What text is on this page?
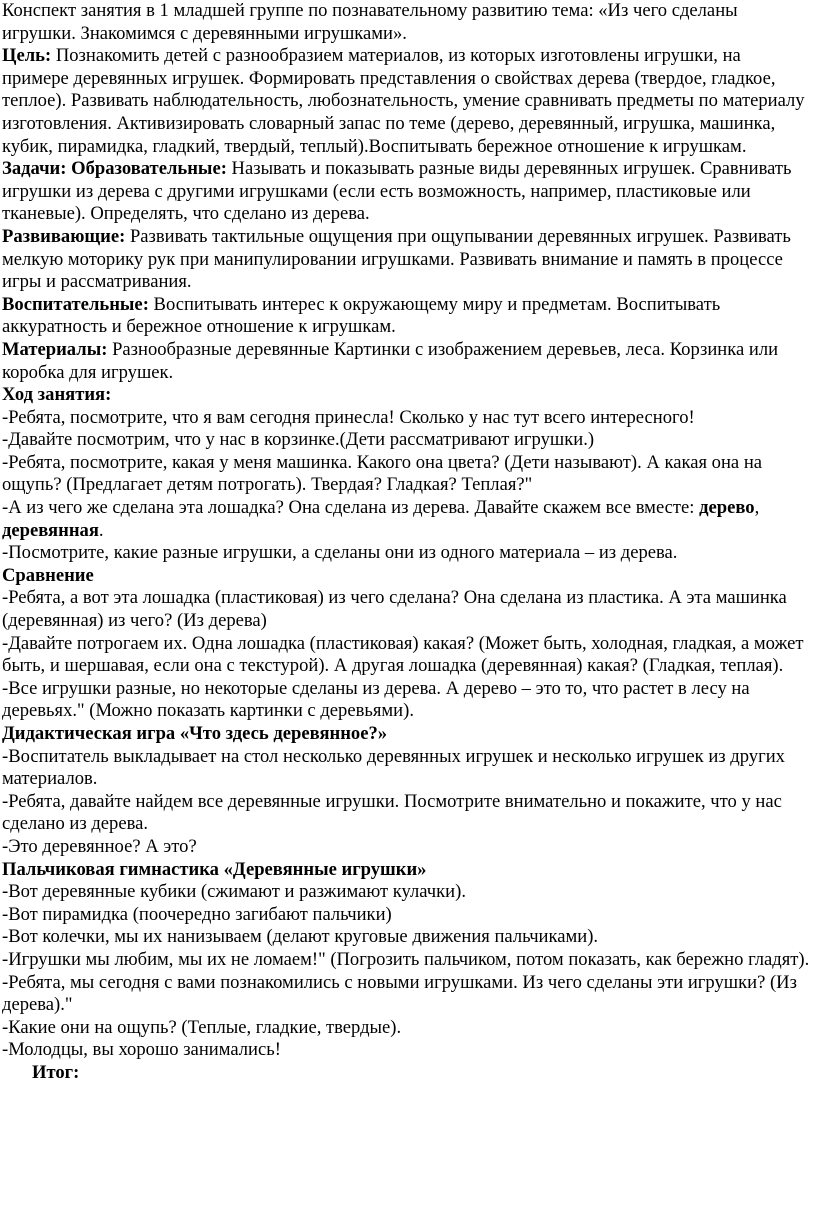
Конспект занятия в 1 младшей группе по познавательному развитию тема: «Из чего сделаны игрушки. Знакомимся с деревянными игрушками».

Цель: Познакомить детей с разнообразием материалов, из которых изготовлены игрушки, на примере деревянных игрушек. Формировать представления о свойствах дерева (твердое, гладкое, теплое). Развивать наблюдательность, любознательность, умение сравнивать предметы по материалу изготовления. Активизировать словарный запас по теме (дерево, деревянный, игрушка, машинка, кубик, пирамидка, гладкий, твердый, теплый).Воспитывать бережное отношение к игрушкам.

Задачи: Образовательные: Называть и показывать разные виды деревянных игрушек. Сравнивать игрушки из дерева с другими игрушками (если есть возможность, например, пластиковые или тканевые). Определять, что сделано из дерева.

Развивающие: Развивать тактильные ощущения при ощупывании деревянных игрушек. Развивать мелкую моторику рук при манипулировании игрушками. Развивать внимание и память в процессе игры и рассматривания.

Воспитательные: Воспитывать интерес к окружающему миру и предметам. Воспитывать аккуратность и бережное отношение к игрушкам.

Материалы: Разнообразные деревянные Картинки с изображением деревьев, леса. Корзинка или коробка для игрушек.

Ход занятия:

-Ребята, посмотрите, что я вам сегодня принесла! Сколько у нас тут всего интересного!

-Давайте посмотрим, что у нас в корзинке.(Дети рассматривают игрушки.)

-Ребята, посмотрите, какая у меня машинка. Какого она цвета? (Дети называют). А какая она на ощупь? (Предлагает детям потрогать). Твердая? Гладкая? Теплая?"

-А из чего же сделана эта лошадка? Она сделана из дерева. Давайте скажем все вместе: дерево, деревянная.

-Посмотрите, какие разные игрушки, а сделаны они из одного материала – из дерева.

Сравнение

-Ребята, а вот эта лошадка (пластиковая) из чего сделана? Она сделана из пластика. А эта машинка (деревянная) из чего? (Из дерева)

-Давайте потрогаем их. Одна лошадка (пластиковая) какая? (Может быть, холодная, гладкая, а может быть, и шершавая, если она с текстурой). А другая лошадка (деревянная) какая? (Гладкая, теплая).

-Все игрушки разные, но некоторые сделаны из дерева. А дерево – это то, что растет в лесу на деревьях." (Можно показать картинки с деревьями).

Дидактическая игра «Что здесь деревянное?»

-Воспитатель выкладывает на стол несколько деревянных игрушек и несколько игрушек из других материалов.

-Ребята, давайте найдем все деревянные игрушки. Посмотрите внимательно и покажите, что у нас сделано из дерева.

-Это деревянное? А это?

Пальчиковая гимнастика «Деревянные игрушки»

-Вот деревянные кубики (сжимают и разжимают кулачки).

-Вот пирамидка (поочередно загибают пальчики)

-Вот колечки, мы их нанизываем (делают круговые движения пальчиками).

-Игрушки мы любим, мы их не ломаем!" (Погрозить пальчиком, потом показать, как бережно гладят).

-Ребята, мы сегодня с вами познакомились с новыми игрушками. Из чего сделаны эти игрушки? (Из дерева)."

-Какие они на ощупь? (Теплые, гладкие, твердые).

-Молодцы, вы хорошо занимались!

Итог:
